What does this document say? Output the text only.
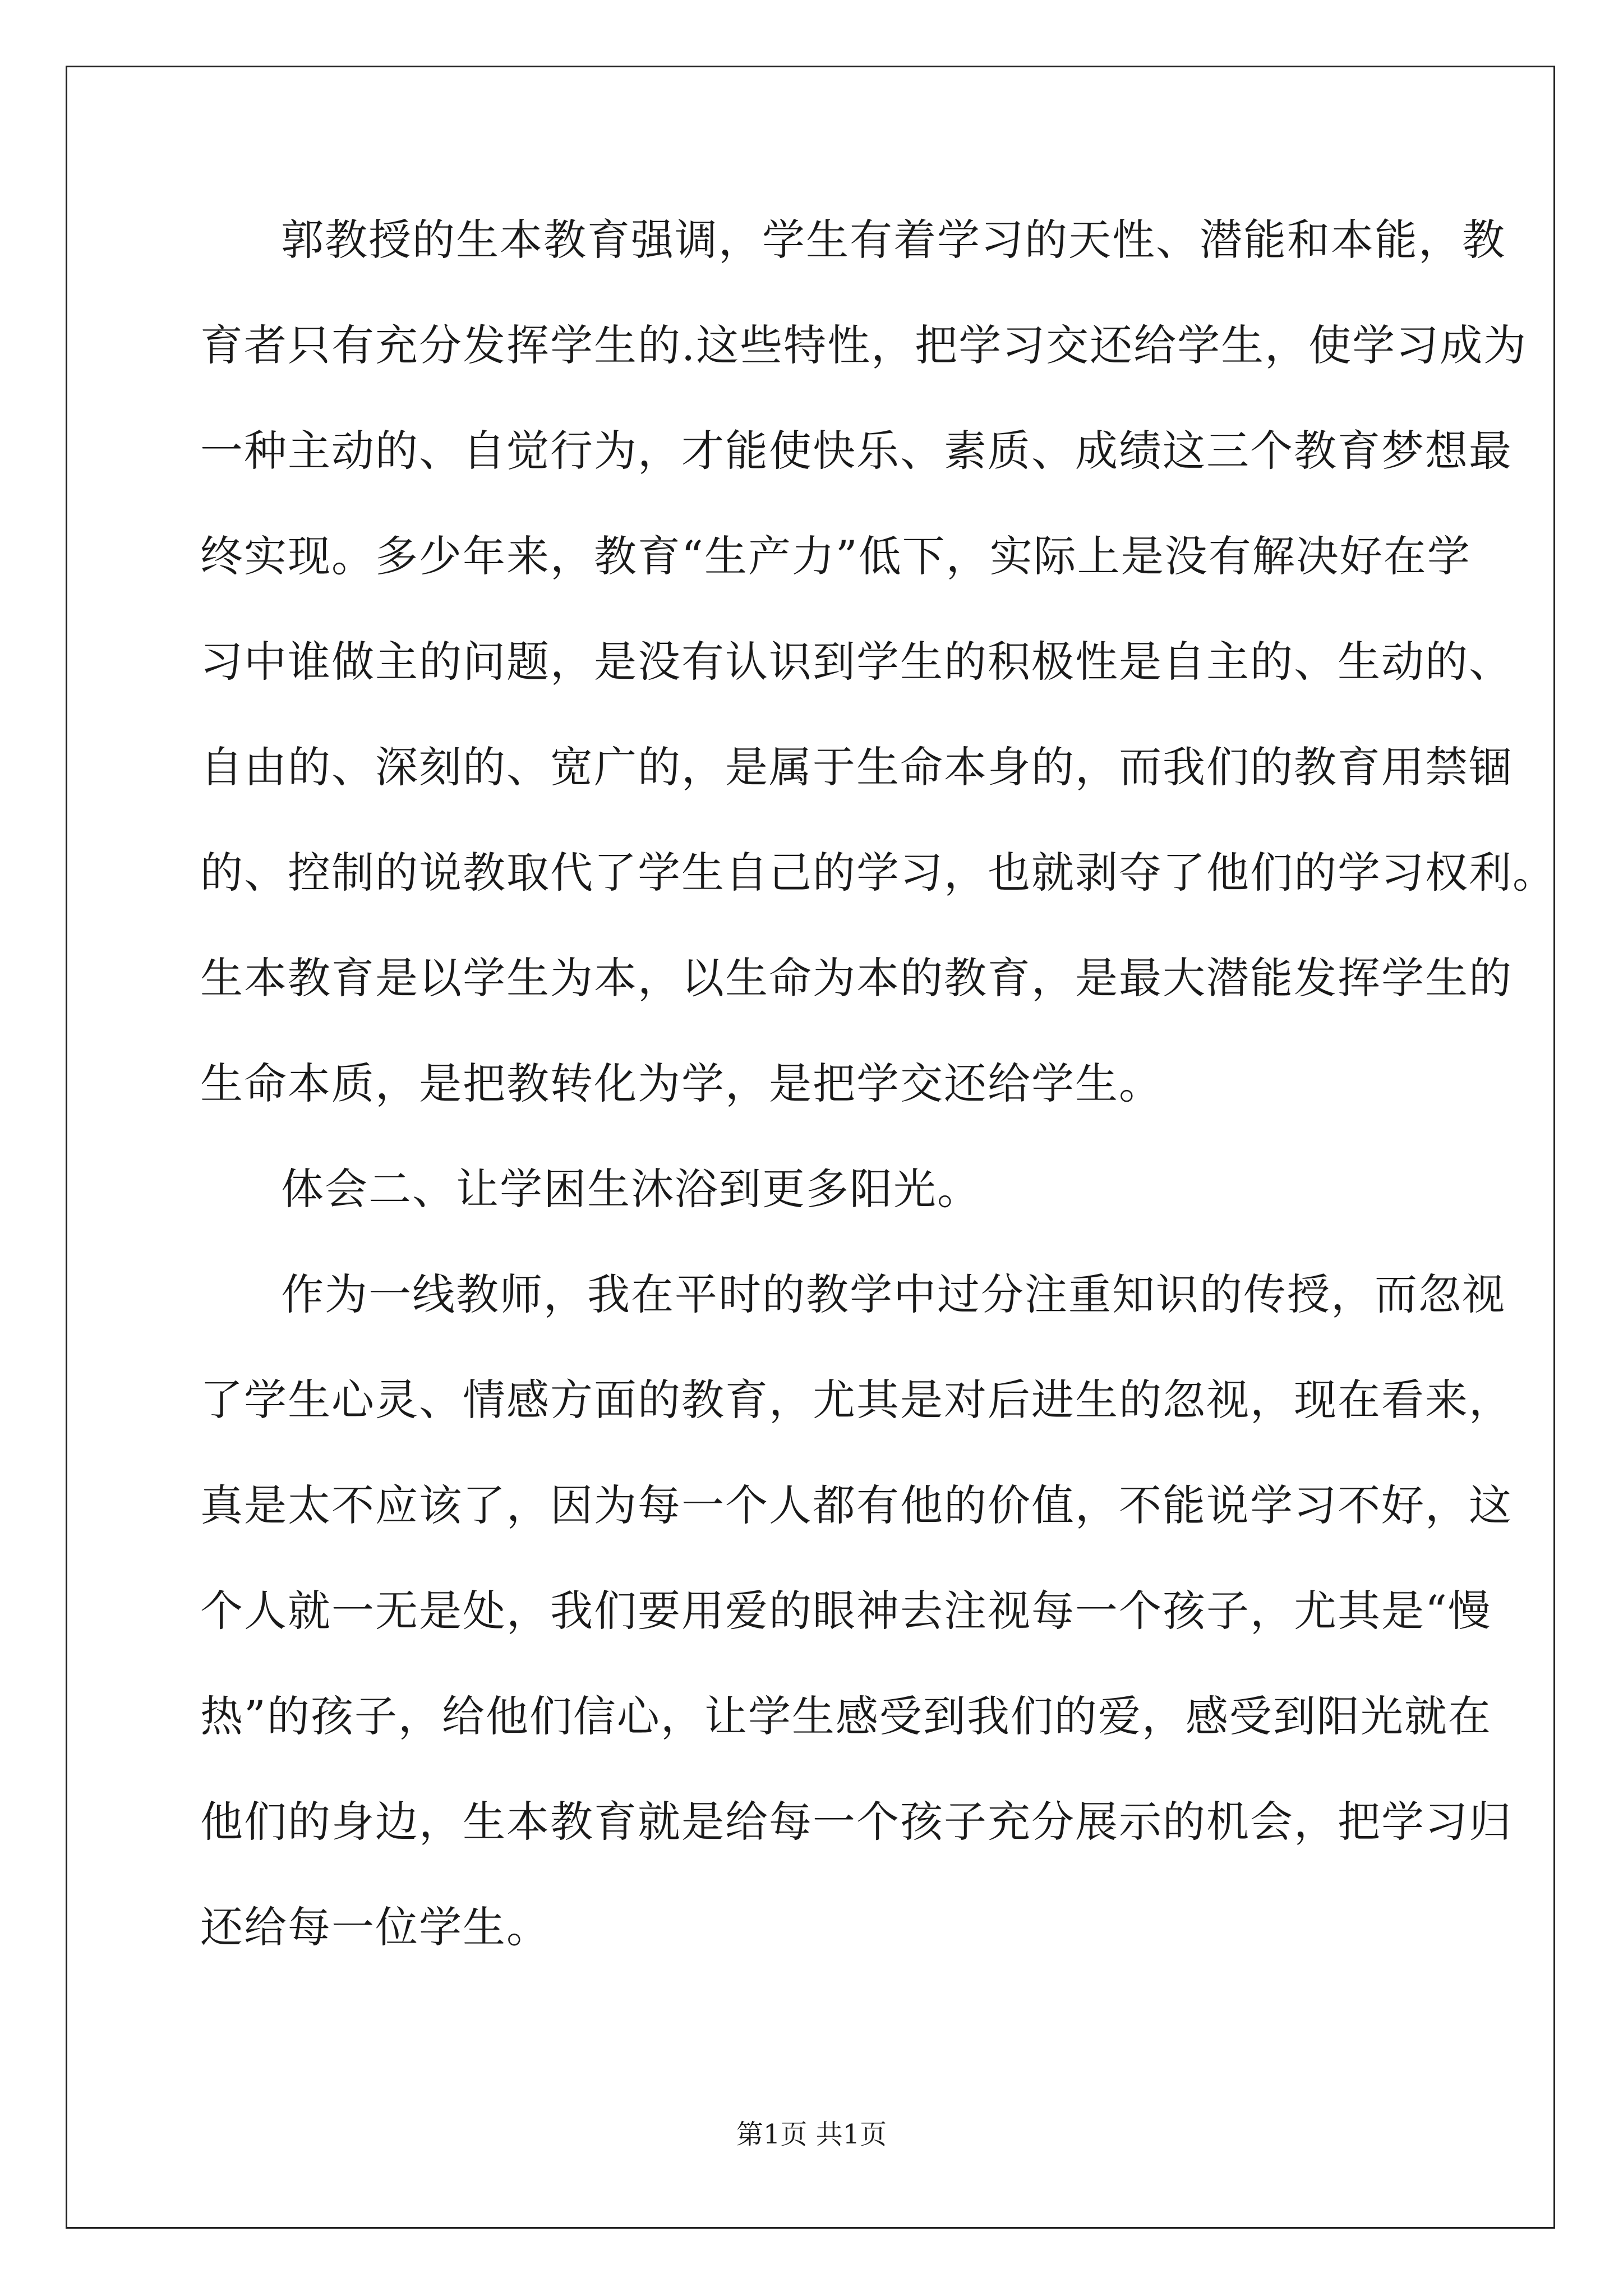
郭教授的生本教育强调，学生有着学习的天性、潜能和本能，教
育者只有充分发挥学生的.这些特性，把学习交还给学生，使学习成为
一种主动的、自觉行为，才能使快乐、素质、成绩这三个教育梦想最
终实现。多少年来，教育“生产力”低下，实际上是没有解决好在学
习中谁做主的问题，是没有认识到学生的积极性是自主的、生动的、
自由的、深刻的、宽广的，是属于生命本身的，而我们的教育用禁锢
的、控制的说教取代了学生自己的学习，也就剥夺了他们的学习权利。
生本教育是以学生为本，以生命为本的教育，是最大潜能发挥学生的
生命本质，是把教转化为学，是把学交还给学生。
体会二、让学困生沐浴到更多阳光。
作为一线教师，我在平时的教学中过分注重知识的传授，而忽视
了学生心灵、情感方面的教育，尤其是对后进生的忽视，现在看来，
真是太不应该了，因为每一个人都有他的价值，不能说学习不好，这
个人就一无是处，我们要用爱的眼神去注视每一个孩子，尤其是“慢
热”的孩子，给他们信心，让学生感受到我们的爱，感受到阳光就在
他们的身边，生本教育就是给每一个孩子充分展示的机会，把学习归
还给每一位学生。
第1页 共1页
